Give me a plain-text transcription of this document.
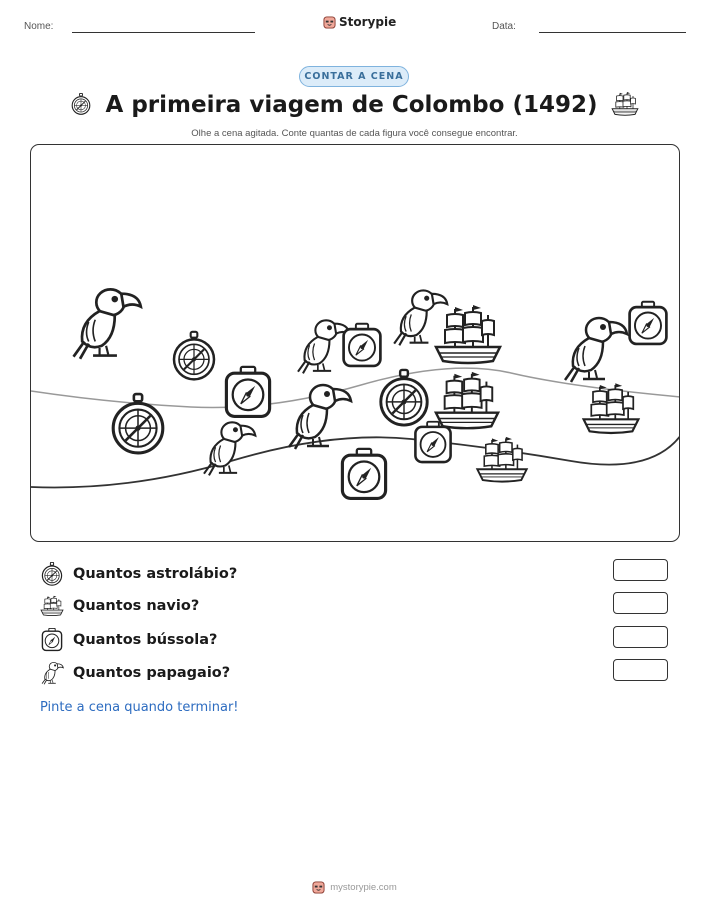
Nome:	Storypie	Data:
CONTAR A CENA
A primeira viagem de Colombo (1492)
Olhe a cena agitada. Conte quantas de cada figura você consegue encontrar.
Quantos astrolábio?
Quantos navio?
Quantos bússola?
Quantos papagaio?
Pinte a cena quando terminar!
mystorypie.com
